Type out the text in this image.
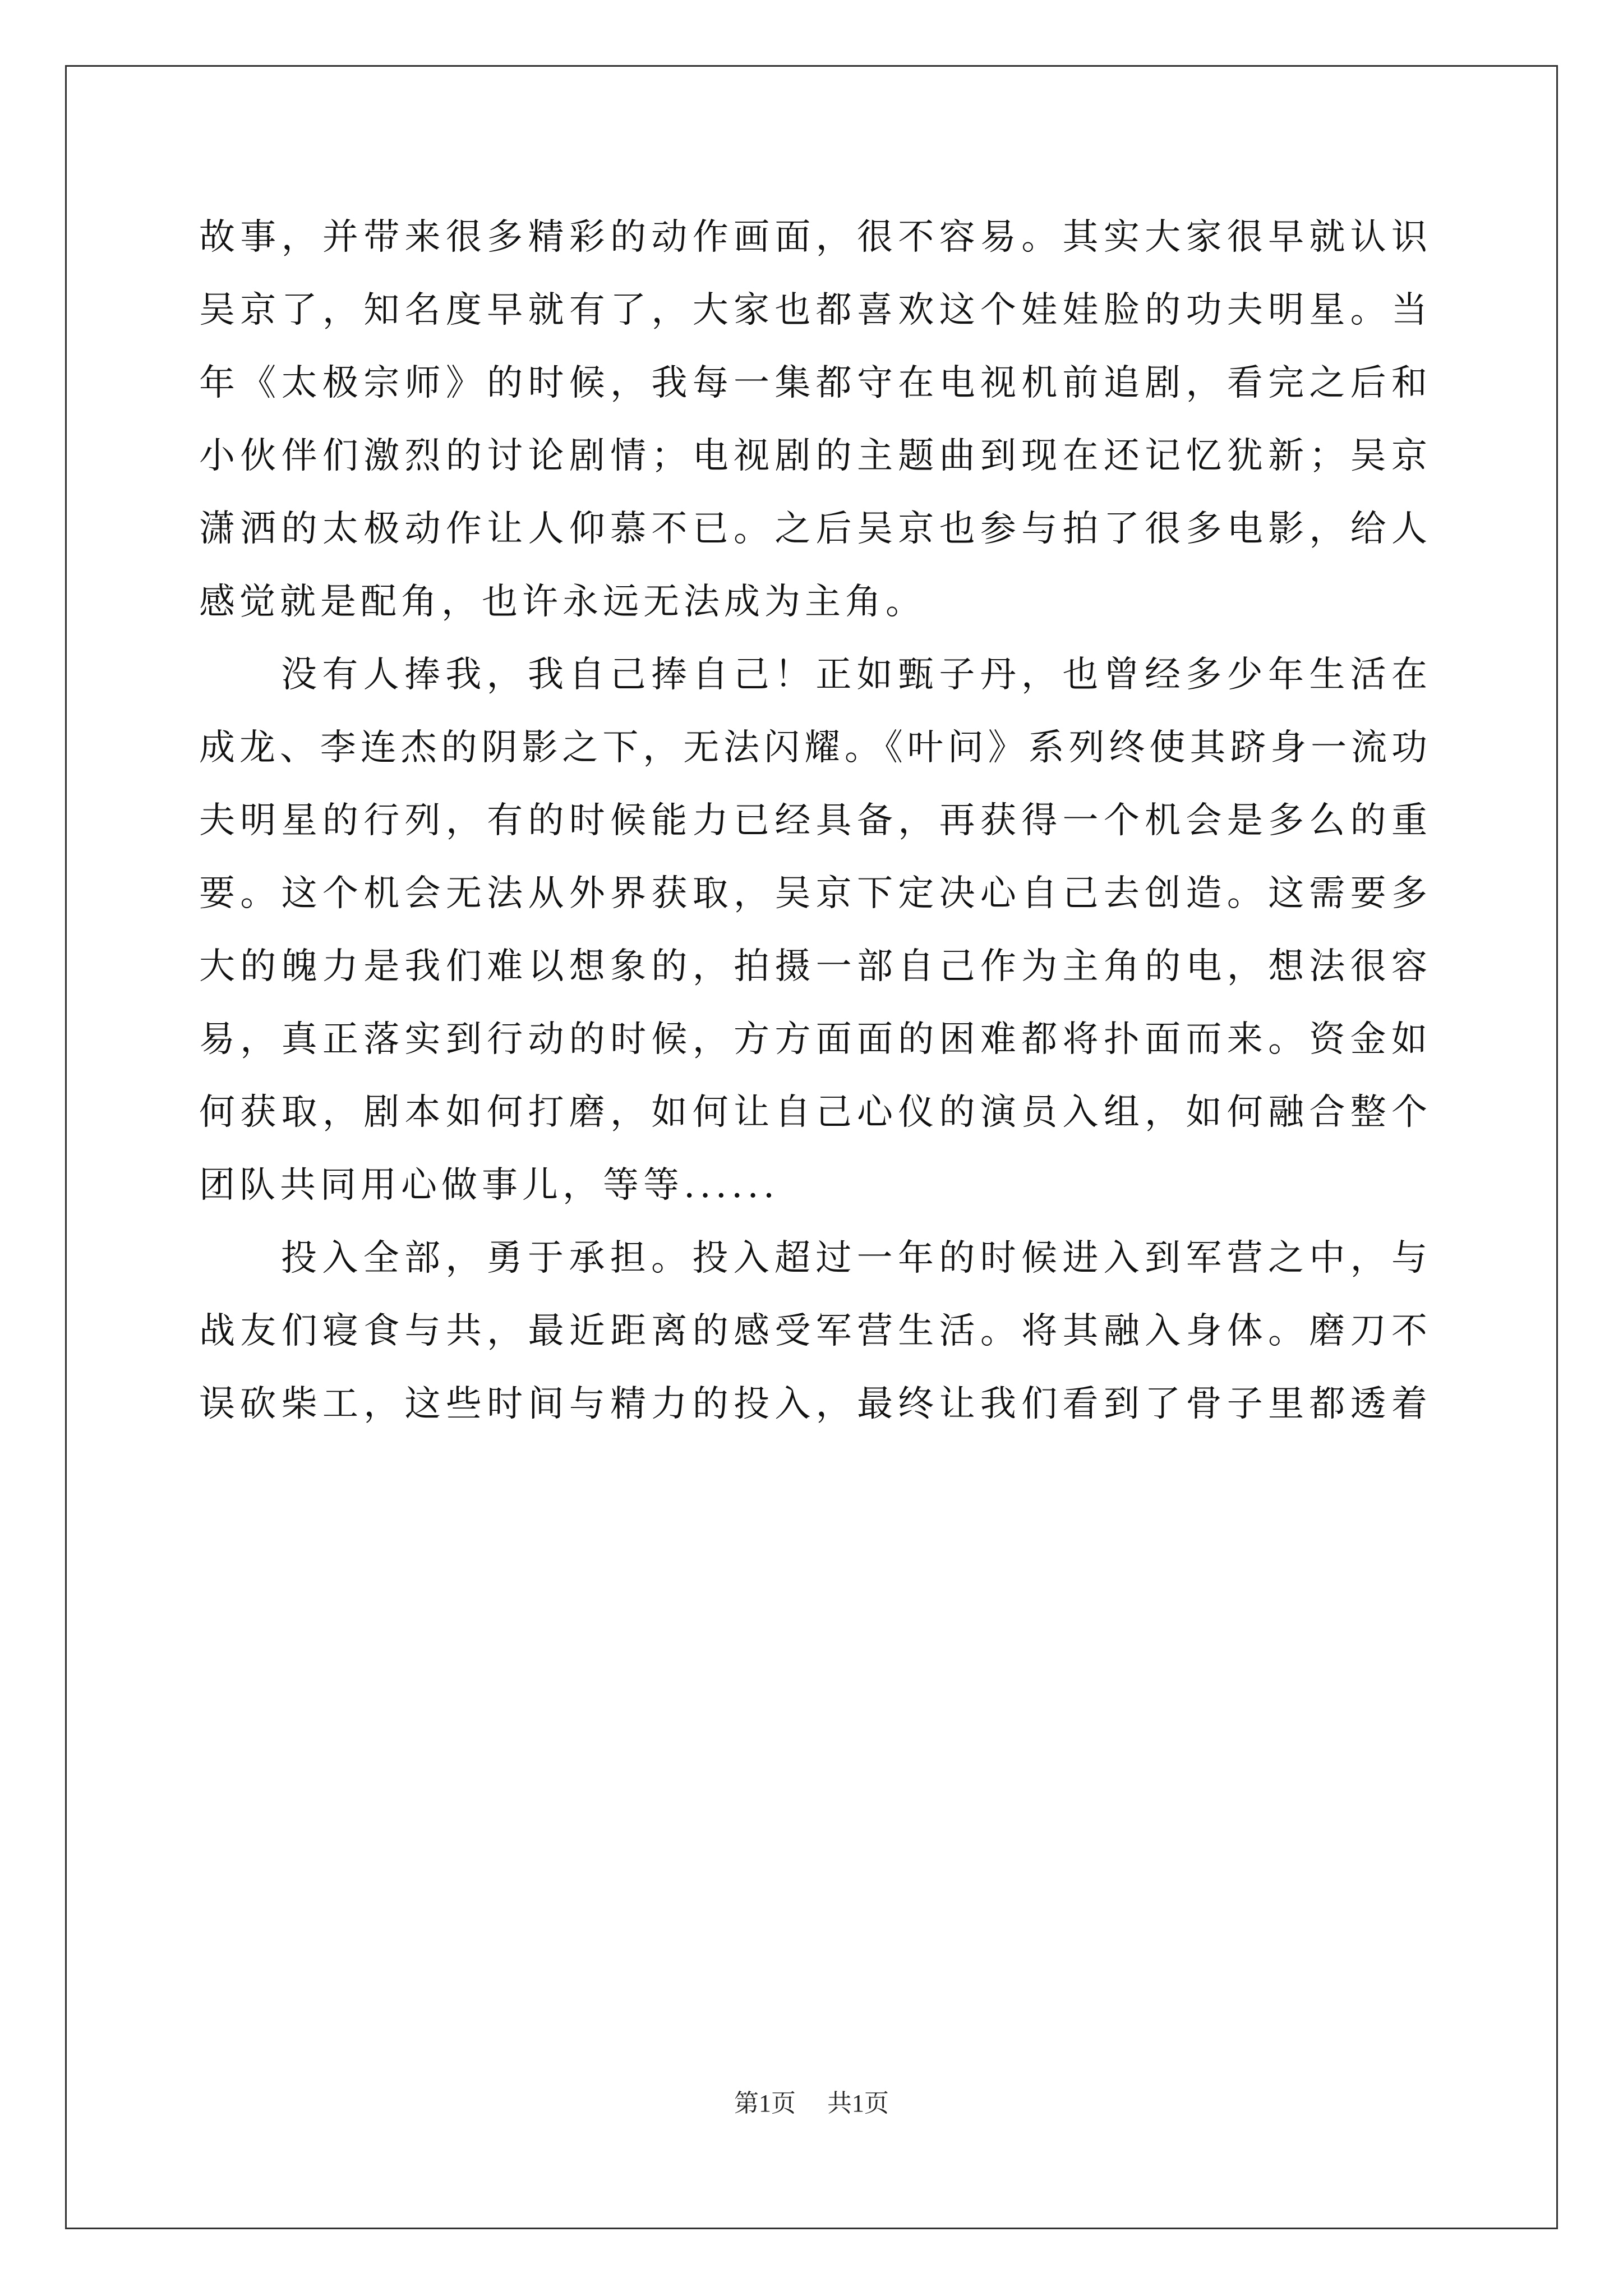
故事，并带来很多精彩的动作画面，很不容易。其实大家很早就认识
吴京了，知名度早就有了，大家也都喜欢这个娃娃脸的功夫明星。当
年《太极宗师》的时候，我每一集都守在电视机前追剧，看完之后和
小伙伴们激烈的讨论剧情；电视剧的主题曲到现在还记忆犹新；吴京
潇洒的太极动作让人仰慕不已。之后吴京也参与拍了很多电影，给人
感觉就是配角，也许永远无法成为主角。
没有人捧我，我自己捧自己！正如甄子丹，也曾经多少年生活在
成龙、李连杰的阴影之下，无法闪耀。《叶问》系列终使其跻身一流功
夫明星的行列，有的时候能力已经具备，再获得一个机会是多么的重
要。这个机会无法从外界获取，吴京下定决心自己去创造。这需要多
大的魄力是我们难以想象的，拍摄一部自己作为主角的电，想法很容
易，真正落实到行动的时候，方方面面的困难都将扑面而来。资金如
何获取，剧本如何打磨，如何让自己心仪的演员入组，如何融合整个
团队共同用心做事儿，等等......
投入全部，勇于承担。投入超过一年的时候进入到军营之中，与
战友们寝食与共，最近距离的感受军营生活。将其融入身体。磨刀不
误砍柴工，这些时间与精力的投入，最终让我们看到了骨子里都透着
第1页 共1页
